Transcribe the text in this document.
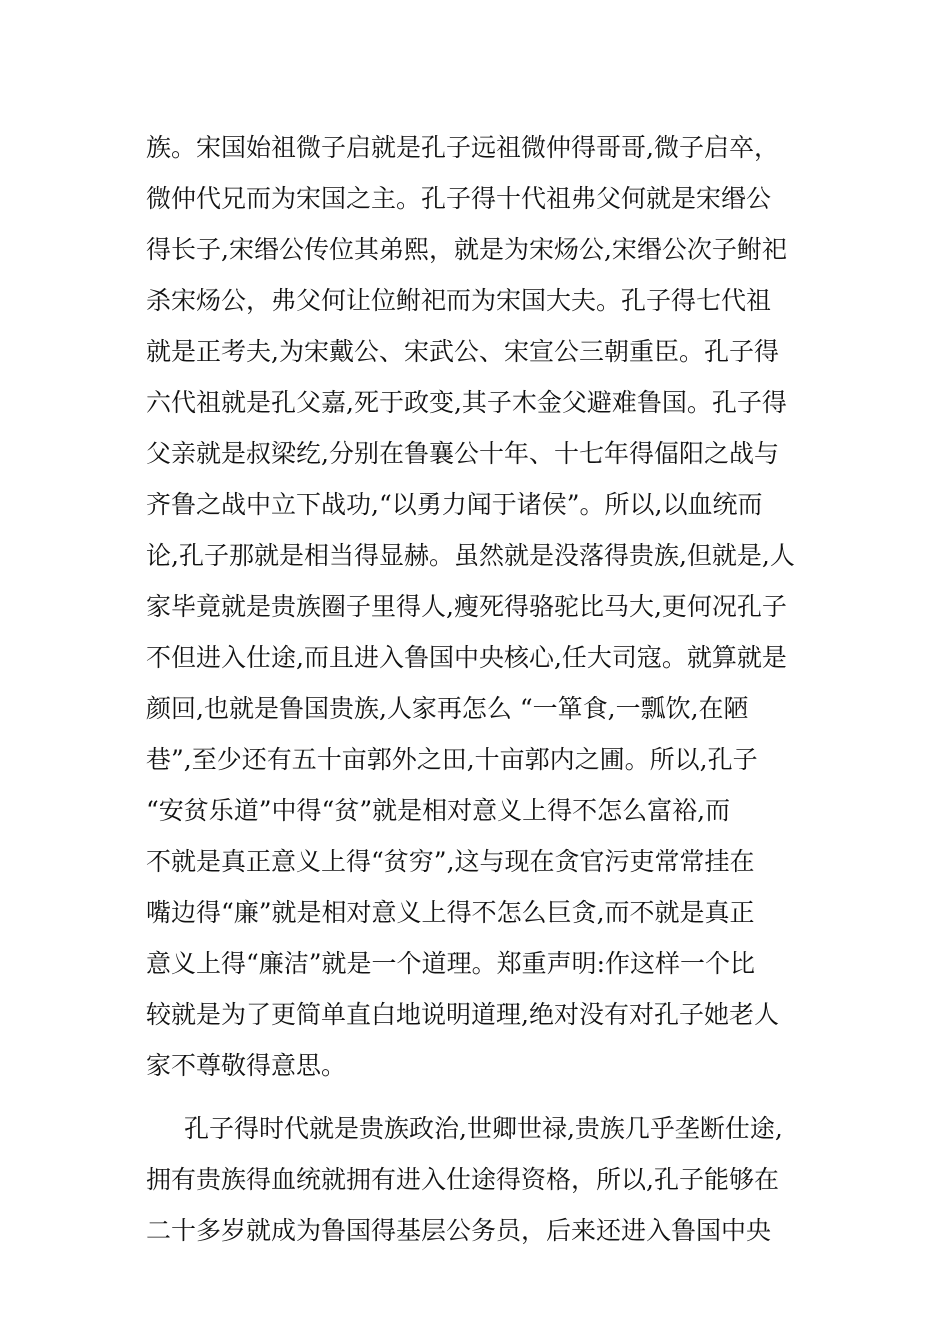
族。宋国始祖微子启就是孔子远祖微仲得哥哥,微子启卒，
微仲代兄而为宋国之主。孔子得十代祖弗父何就是宋缗公
得长子,宋缗公传位其弟熙，就是为宋炀公,宋缗公次子鲋祀
杀宋炀公，弗父何让位鲋祀而为宋国大夫。孔子得七代祖
就是正考夫,为宋戴公、宋武公、宋宣公三朝重臣。孔子得
六代祖就是孔父嘉,死于政变,其子木金父避难鲁国。孔子得
父亲就是叔梁纥,分别在鲁襄公十年、十七年得偪阳之战与
齐鲁之战中立下战功,“以勇力闻于诸侯”。所以,以血统而
论,孔子那就是相当得显赫。虽然就是没落得贵族,但就是,人
家毕竟就是贵族圈子里得人,瘦死得骆驼比马大,更何况孔子
不但进入仕途,而且进入鲁国中央核心,任大司寇。就算就是
颜回,也就是鲁国贵族,人家再怎么 “一箪食,一瓢饮,在陋
巷”,至少还有五十亩郭外之田,十亩郭内之圃。所以,孔子
“安贫乐道”中得“贫”就是相对意义上得不怎么富裕,而
不就是真正意义上得“贫穷”,这与现在贪官污吏常常挂在
嘴边得“廉”就是相对意义上得不怎么巨贪,而不就是真正
意义上得“廉洁”就是一个道理。郑重声明:作这样一个比
较就是为了更简单直白地说明道理,绝对没有对孔子她老人
家不尊敬得意思。
孔子得时代就是贵族政治,世卿世禄,贵族几乎垄断仕途,
拥有贵族得血统就拥有进入仕途得资格，所以,孔子能够在
二十多岁就成为鲁国得基层公务员，后来还进入鲁国中央
